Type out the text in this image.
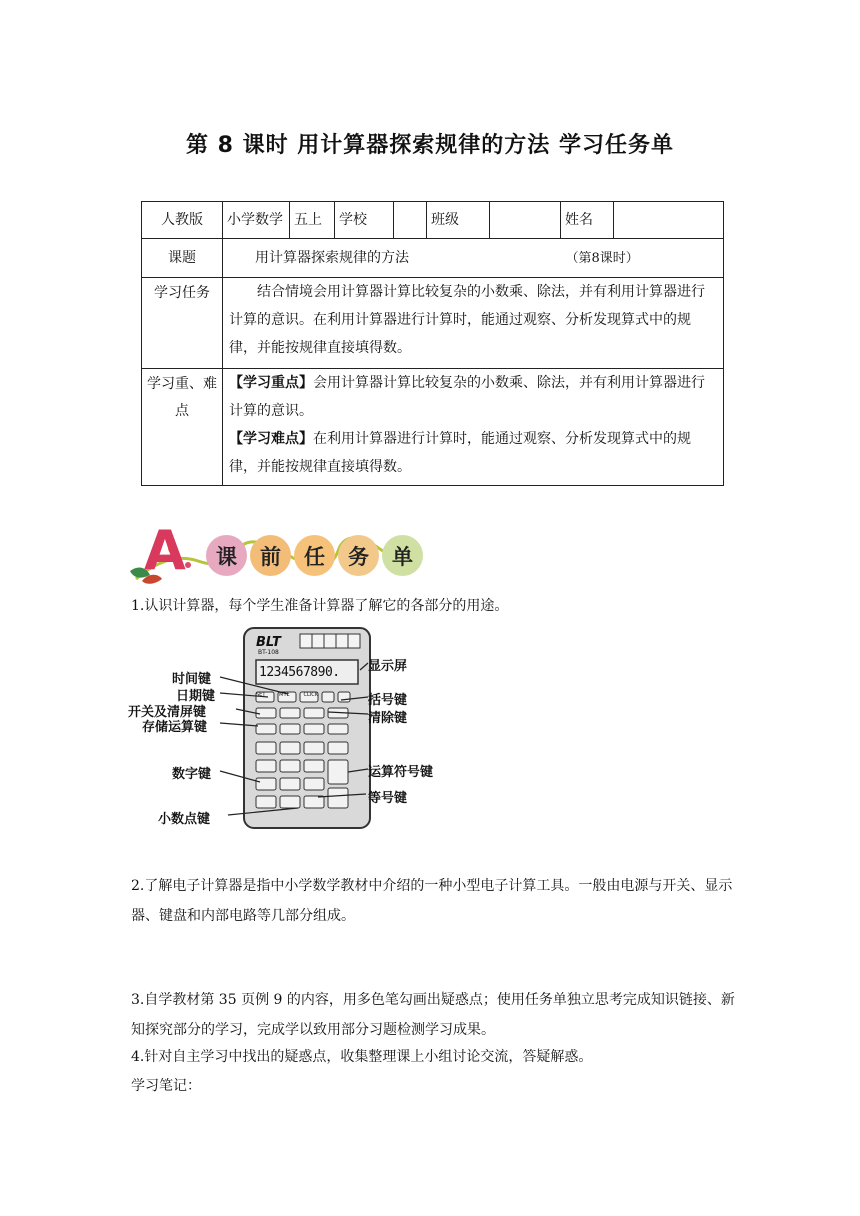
第 8 课时 用计算器探索规律的方法 学习任务单
人教版	小学数学	五上	学校		班级		姓名	
课题	用计算器探索规律的方法 （第8课时）							
学习任务	结合情境会用计算器计算比较复杂的小数乘、除法，并有利用计算器进行计算的意识。在利用计算器进行计算时，能通过观察、分析发现算式中的规律，并能按规律直接填得数。							

学习重、难点	【学习重点】会用计算器计算比较复杂的小数乘、除法，并有利用计算器进行计算的意识。
【学习难点】在利用计算器进行计算时，能通过观察、分析发现算式中的规律，并能按规律直接填得数。							
A	课	前	任	务	单
1.认识计算器，每个学生准备计算器了解它的各部分的用途。
BLT
BT-108
1234567890.
SET	MTE	CLICK
时间键
日期键
开关及清屏键
存储运算键
数字键
小数点键
显示屏
括号键
清除键
运算符号键
等号键
2.了解电子计算器是指中小学数学教材中介绍的一种小型电子计算工具。一般由电源与开关、显示器、键盘和内部电路等几部分组成。
3.自学教材第 35 页例 9 的内容，用多色笔勾画出疑惑点；使用任务单独立思考完成知识链接、新知探究部分的学习，完成学以致用部分习题检测学习成果。
4.针对自主学习中找出的疑惑点，收集整理课上小组讨论交流，答疑解惑。
学习笔记：
